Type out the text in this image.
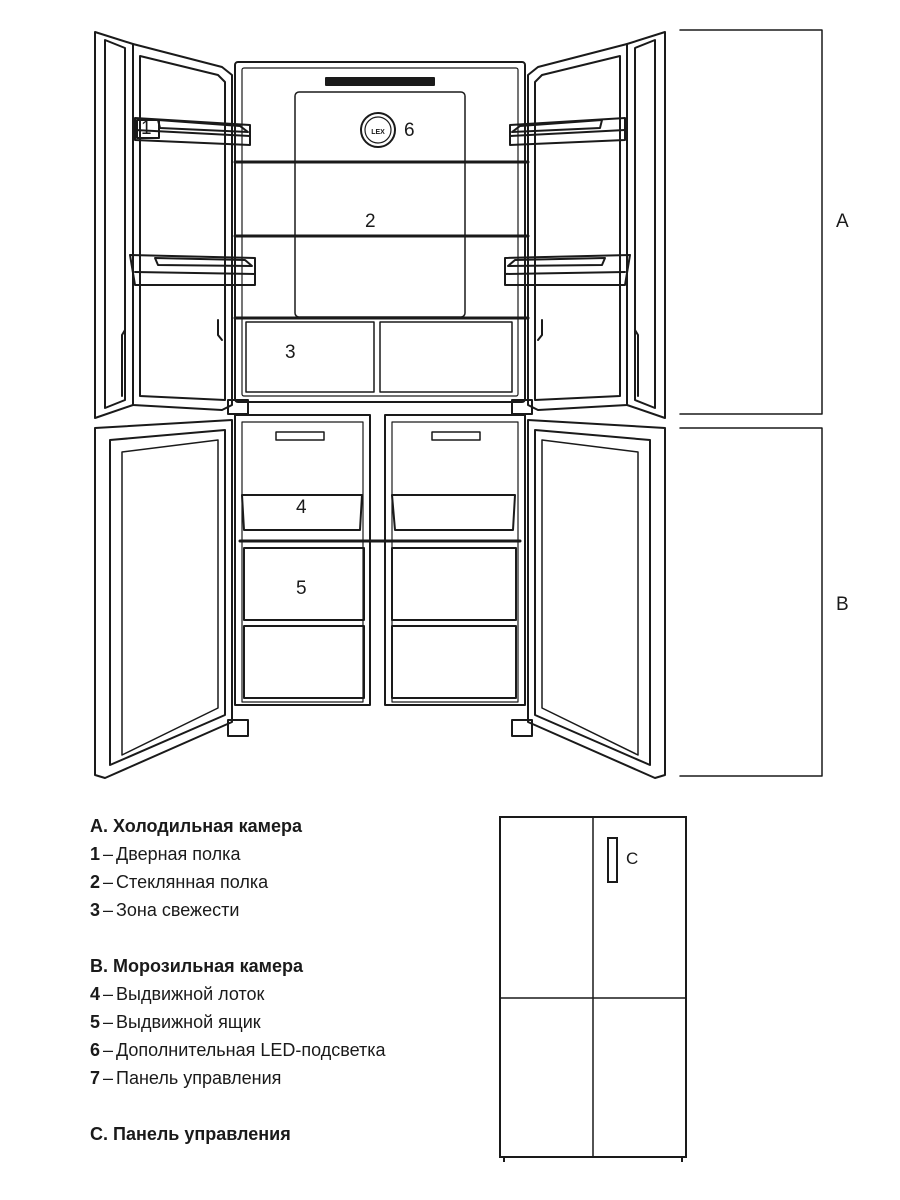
LEX
1
2
3
4
5
6
A
B
А. Холодильная камера
1 – Дверная полка
2 – Стеклянная полка
3 – Зона свежести
В. Морозильная камера
4 – Выдвижной лоток
5 – Выдвижной ящик
6 – Дополнительная LED-подсветка
7 – Панель управления
С. Панель управления
C
